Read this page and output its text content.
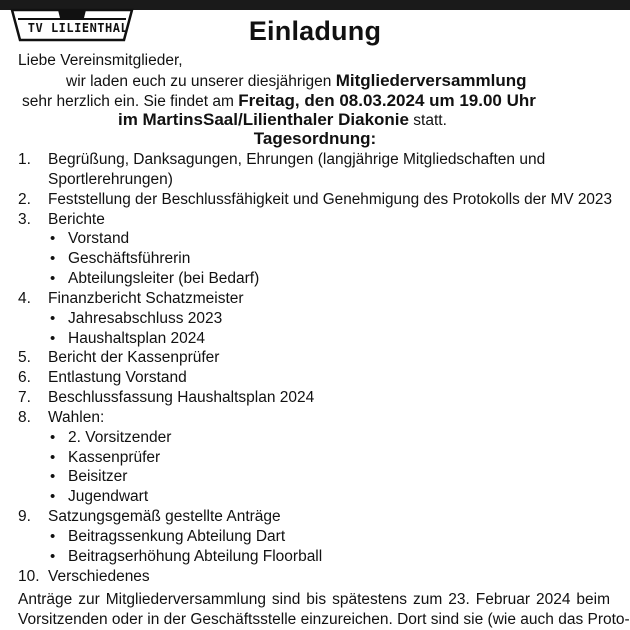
TV LILIENTHAL	Einladung
Liebe Vereinsmitglieder,
wir laden euch zu unserer diesjährigen Mitgliederversammlung
sehr herzlich ein. Sie findet am Freitag, den 08.03.2024 um 19.00 Uhr
im MartinsSaal/Lilienthaler Diakonie statt.
Tagesordnung:
1. Begrüßung, Danksagungen, Ehrungen (langjährige Mitgliedschaften und
Sportlerehrungen)
2. Feststellung der Beschlussfähigkeit und Genehmigung des Protokolls der MV 2023
3. Berichte
• Vorstand
• Geschäftsführerin
• Abteilungsleiter (bei Bedarf)
4. Finanzbericht Schatzmeister
• Jahresabschluss 2023
• Haushaltsplan 2024
5. Bericht der Kassenprüfer
6. Entlastung Vorstand
7. Beschlussfassung Haushaltsplan 2024
8. Wahlen:
• 2. Vorsitzender
• Kassenprüfer
• Beisitzer
• Jugendwart
9. Satzungsgemäß gestellte Anträge
• Beitragssenkung Abteilung Dart
• Beitragserhöhung Abteilung Floorball
10. Verschiedenes
Anträge zur Mitgliederversammlung sind bis spätestens zum 23. Februar 2024 beim
Vorsitzenden oder in der Geschäftsstelle einzureichen. Dort sind sie (wie auch das Proto-
